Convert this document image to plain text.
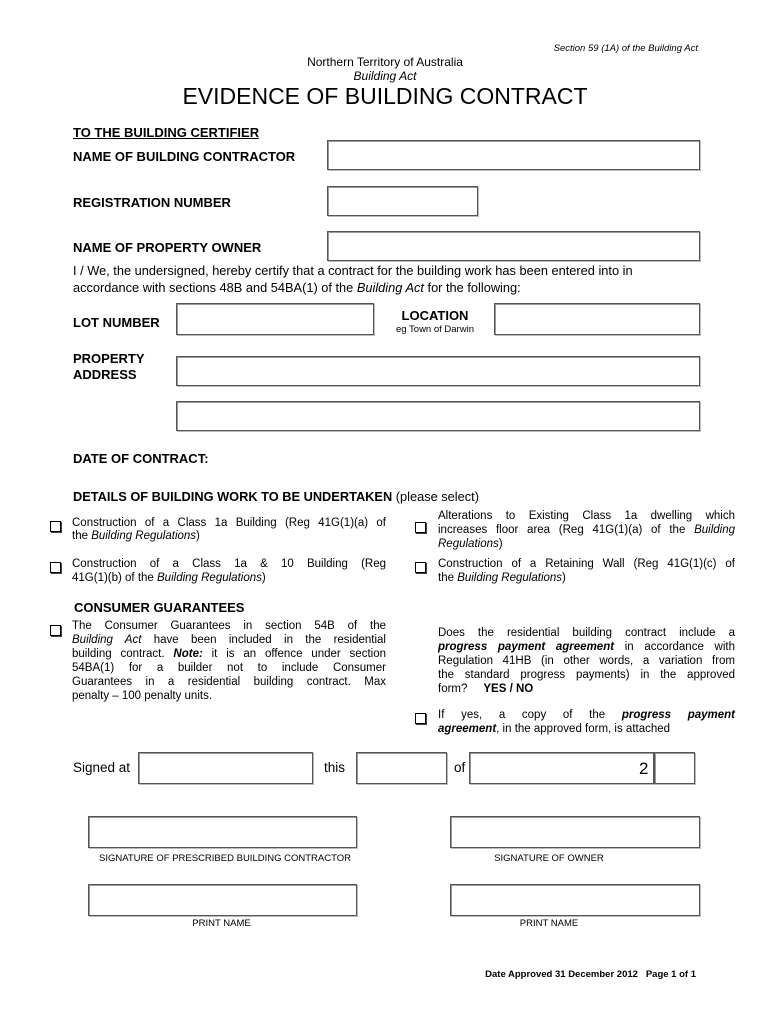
Section 59 (1A) of the Building Act
Northern Territory of Australia
Building Act
EVIDENCE OF BUILDING CONTRACT
TO THE BUILDING CERTIFIER
NAME OF BUILDING CONTRACTOR
REGISTRATION NUMBER
NAME OF PROPERTY OWNER
I / We, the undersigned, hereby certify that a contract for the building work has been entered into in
accordance with sections 48B and 54BA(1) of the Building Act for the following:
LOT NUMBER	LOCATION
eg Town of Darwin
PROPERTY
ADDRESS
DATE OF CONTRACT:
DETAILS OF BUILDING WORK TO BE UNDERTAKEN (please select)
Construction of a Class 1a Building (Reg 41G(1)(a) of
the Building Regulations)
Construction of a Class 1a & 10 Building (Reg
41G(1)(b) of the Building Regulations)
Alterations to Existing Class 1a dwelling which
increases floor area (Reg 41G(1)(a) of the Building
Regulations)
Construction of a Retaining Wall (Reg 41G(1)(c) of
the Building Regulations)
CONSUMER GUARANTEES
The Consumer Guarantees in section 54B of the
Building Act have been included in the residential
building contract. Note: it is an offence under section
54BA(1) for a builder not to include Consumer
Guarantees in a residential building contract. Max
penalty – 100 penalty units.
Does the residential building contract include a
progress payment agreement in accordance with
Regulation 41HB (in other words, a variation from
the standard progress payments) in the approved
form? YES / NO
If yes, a copy of the progress payment
agreement, in the approved form, is attached
Signed at	this	of	2
SIGNATURE OF PRESCRIBED BUILDING CONTRACTOR	SIGNATURE OF OWNER
PRINT NAME	PRINT NAME
Date Approved 31 December 2012   Page 1 of 1
